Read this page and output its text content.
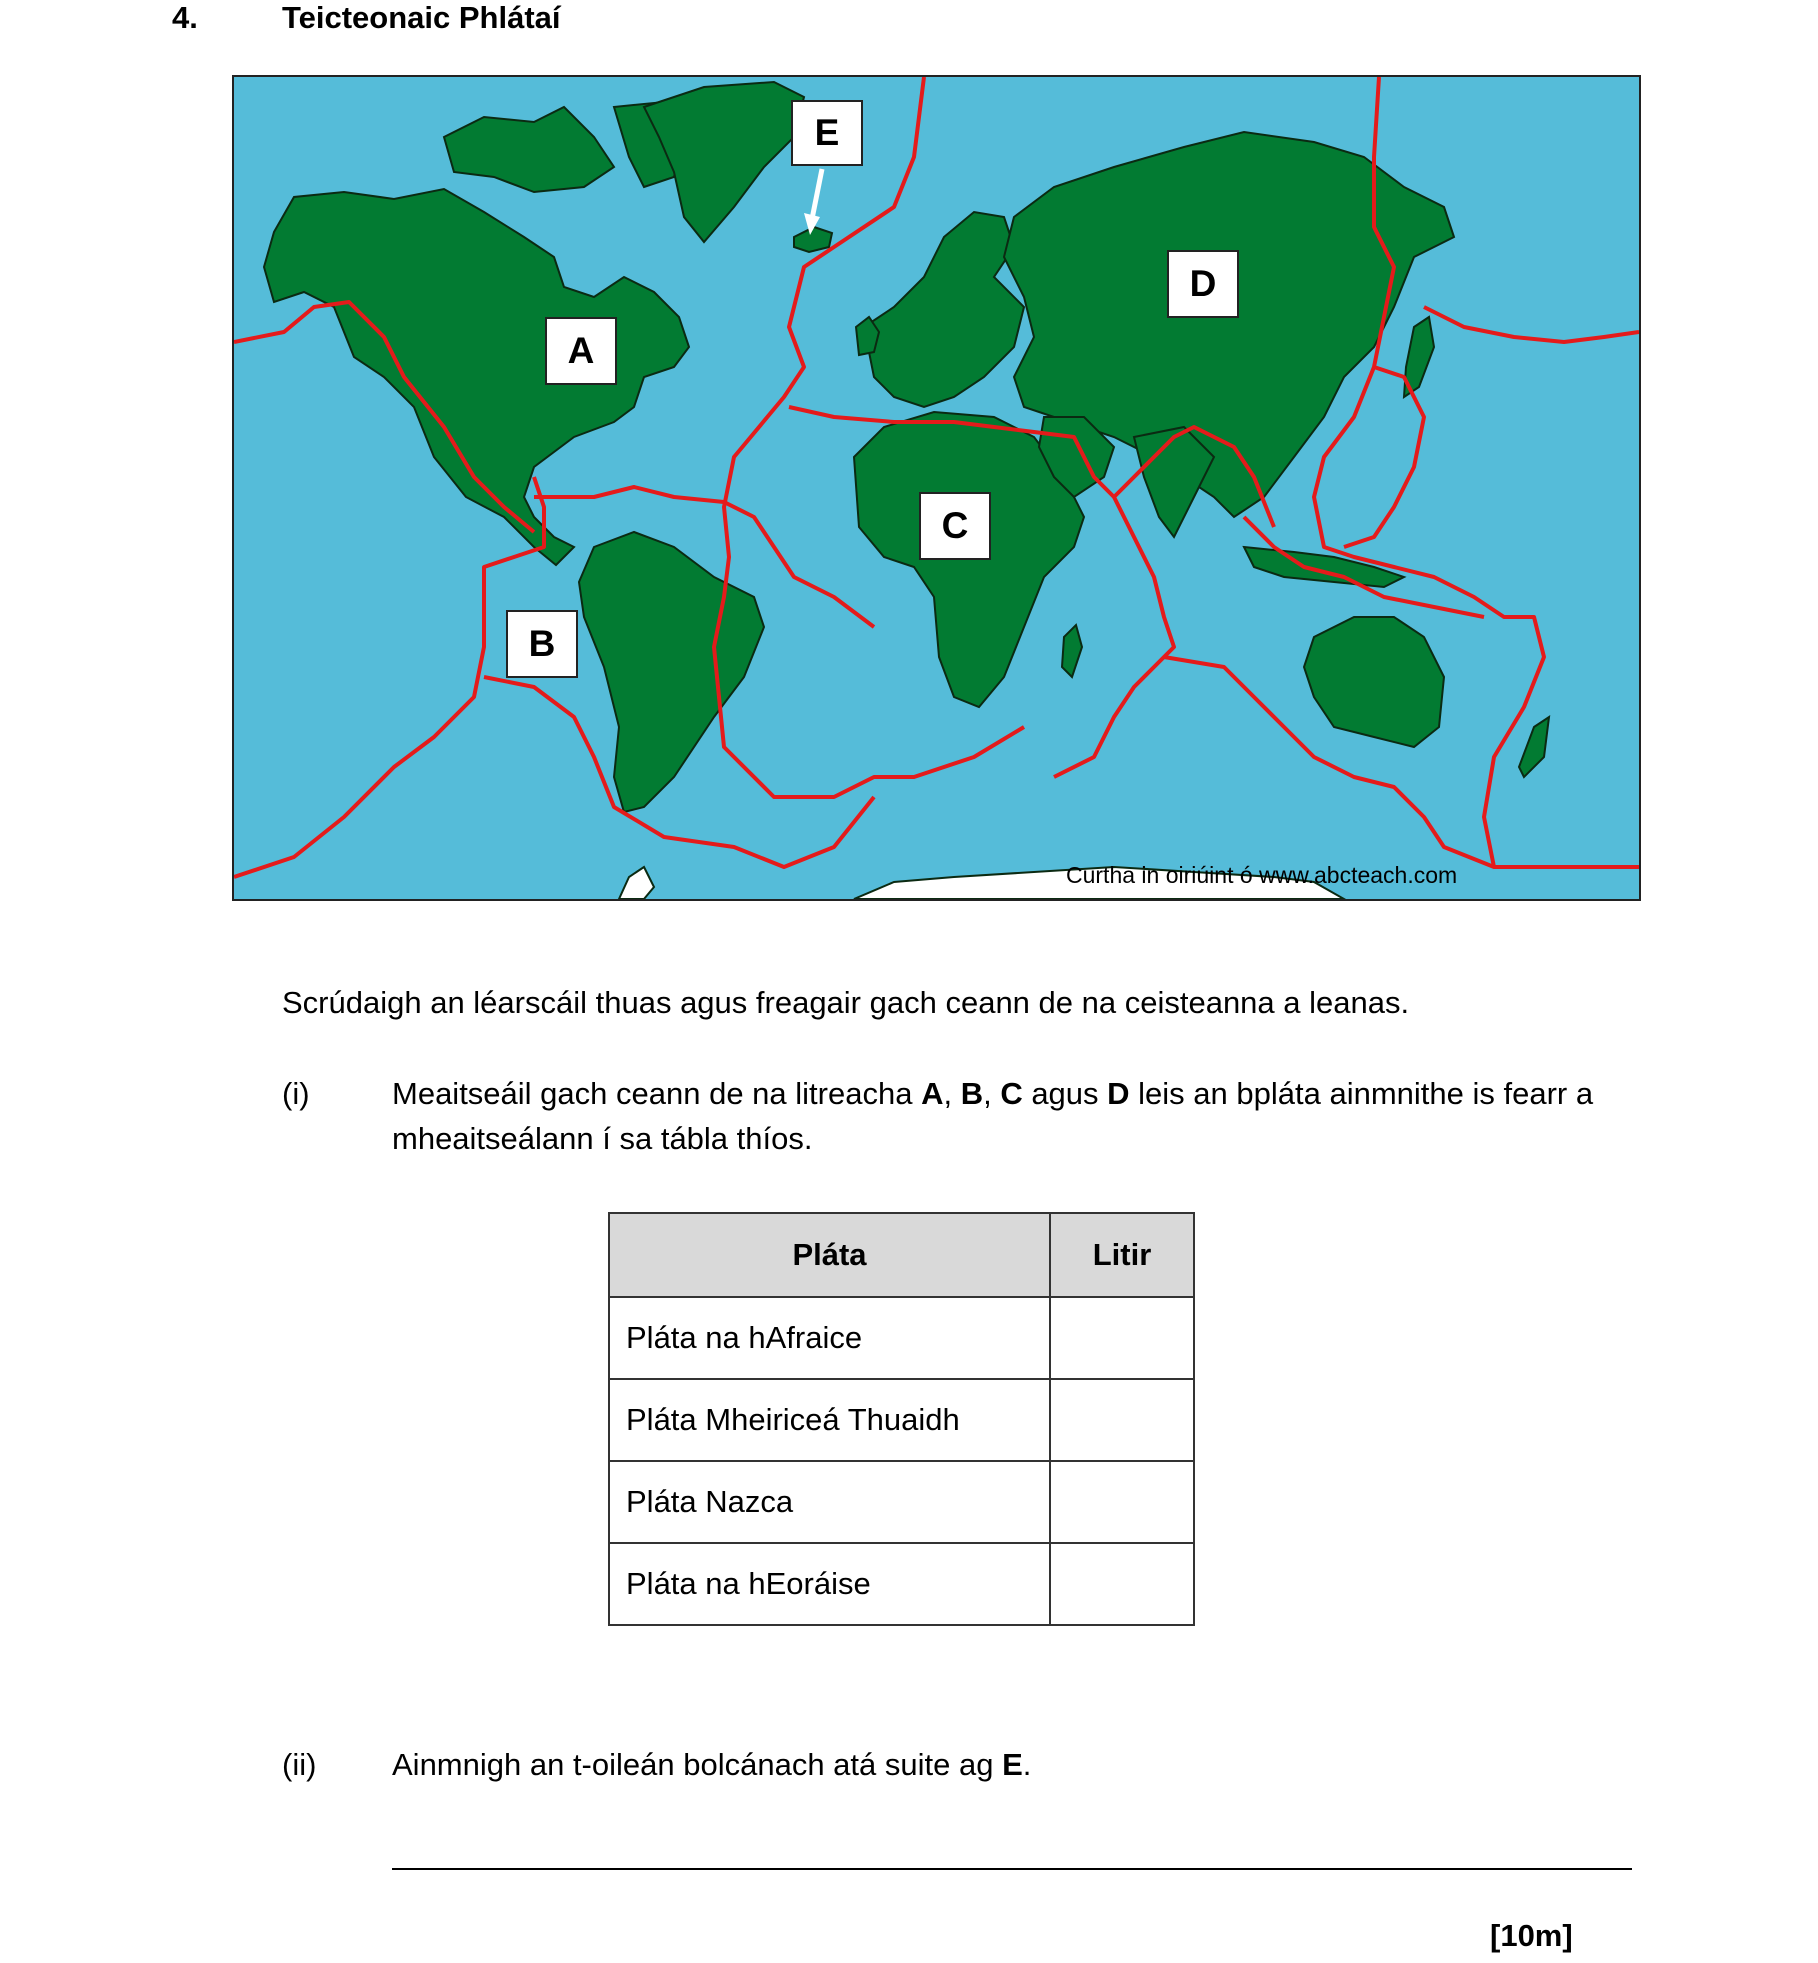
4.	Teicteonaic Phlátaí
E
D
A
C
B
Curtha in oiriúint ó www.abcteach.com
Scrúdaigh an léarscáil thuas agus freagair gach ceann de na ceisteanna a leanas.
(i)	Meaitseáil gach ceann de na litreacha A, B, C agus D leis an bpláta ainmnithe is fearr a mheaitseálann í sa tábla thíos.
Pláta	Litir
Pláta na hAfraice	
Pláta Mheiriceá Thuaidh	
Pláta Nazca	
Pláta na hEoráise	
(ii) Ainmnigh an t-oileán bolcánach atá suite ag E.
[10m]
